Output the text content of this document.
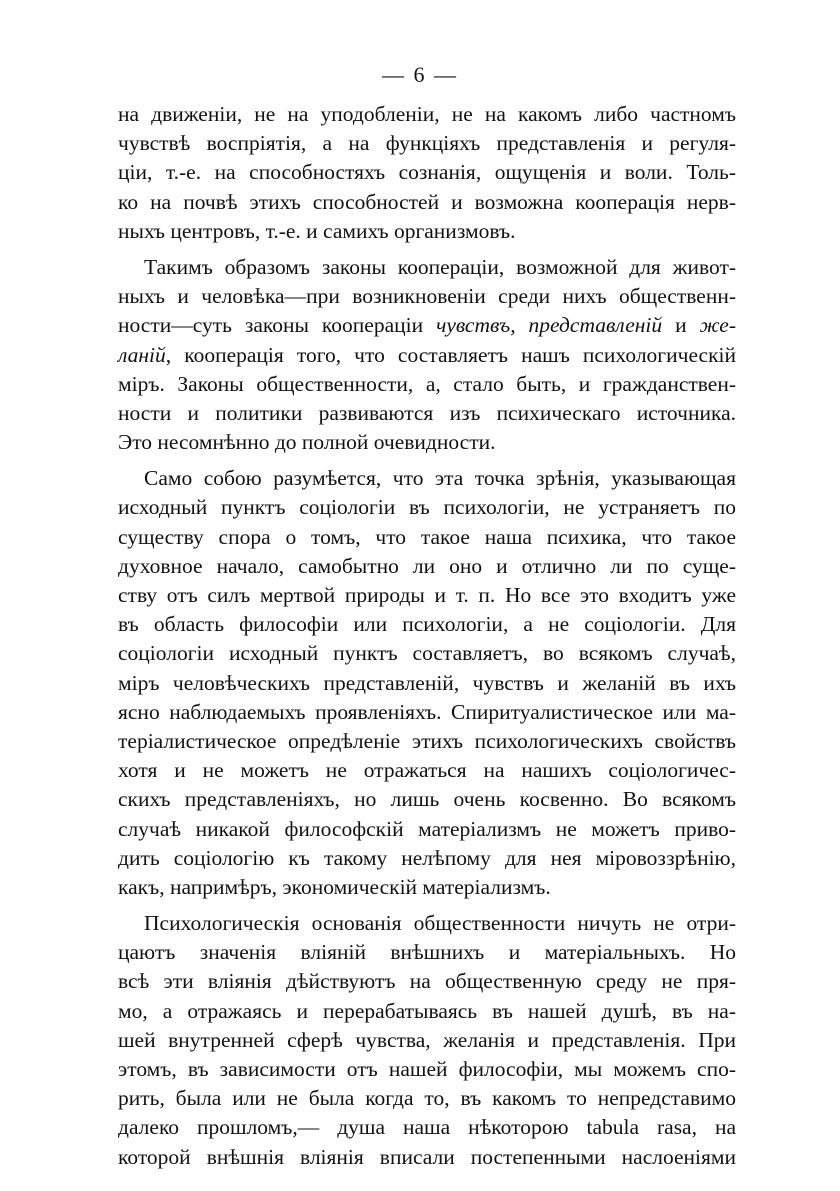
— 6 —
на движеніи, не на уподобленіи, не на какомъ либо частномъ
чувствѣ воспріятія, а на функціяхъ представленія и регуля-
ціи, т.-е. на способностяхъ сознанія, ощущенія и воли. Толь-
ко на почвѣ этихъ способностей и возможна кооперація нерв-
ныхъ центровъ, т.-е. и самихъ организмовъ.
Такимъ образомъ законы коопераціи, возможной для живот-
ныхъ и человѣка—при возникновеніи среди нихъ общественн-
ности—суть законы коопераціи чувствъ, представленій и же-
ланій, кооперація того, что составляетъ нашъ психологическій
міръ. Законы общественности, а, стало быть, и гражданствен-
ности и политики развиваются изъ психическаго источника.
Это несомнѣнно до полной очевидности.
Само собою разумѣется, что эта точка зрѣнія, указывающая
исходный пунктъ соціологіи въ психологіи, не устраняетъ по
существу спора о томъ, что такое наша психика, что такое
духовное начало, самобытно ли оно и отлично ли по суще-
ству отъ силъ мертвой природы и т. п. Но все это входитъ уже
въ область философіи или психологіи, а не соціологіи. Для
соціологіи исходный пунктъ составляетъ, во всякомъ случаѣ,
міръ человѣческихъ представленій, чувствъ и желаній въ ихъ
ясно наблюдаемыхъ проявленіяхъ. Спиритуалистическое или ма-
теріалистическое опредѣленіе этихъ психологическихъ свойствъ
хотя и не можетъ не отражаться на нашихъ соціологичес-
скихъ представленіяхъ, но лишь очень косвенно. Во всякомъ
случаѣ никакой философскій матеріализмъ не можетъ приво-
дить соціологію къ такому нелѣпому для нея міровоззрѣнію,
какъ, напримѣръ, экономическій матеріализмъ.
Психологическія основанія общественности ничуть не отри-
цаютъ значенія вліяній внѣшнихъ и матеріальныхъ. Но
всѣ эти вліянія дѣйствуютъ на общественную среду не пря-
мо, а отражаясь и перерабатываясь въ нашей душѣ, въ на-
шей внутренней сферѣ чувства, желанія и представленія. При
этомъ, въ зависимости отъ нашей философіи, мы можемъ спо-
рить, была или не была когда то, въ какомъ то непредставимо
далеко прошломъ,— душа наша нѣкоторою tabula rasa, на
которой внѣшнія вліянія вписали постепенными наслоеніями
